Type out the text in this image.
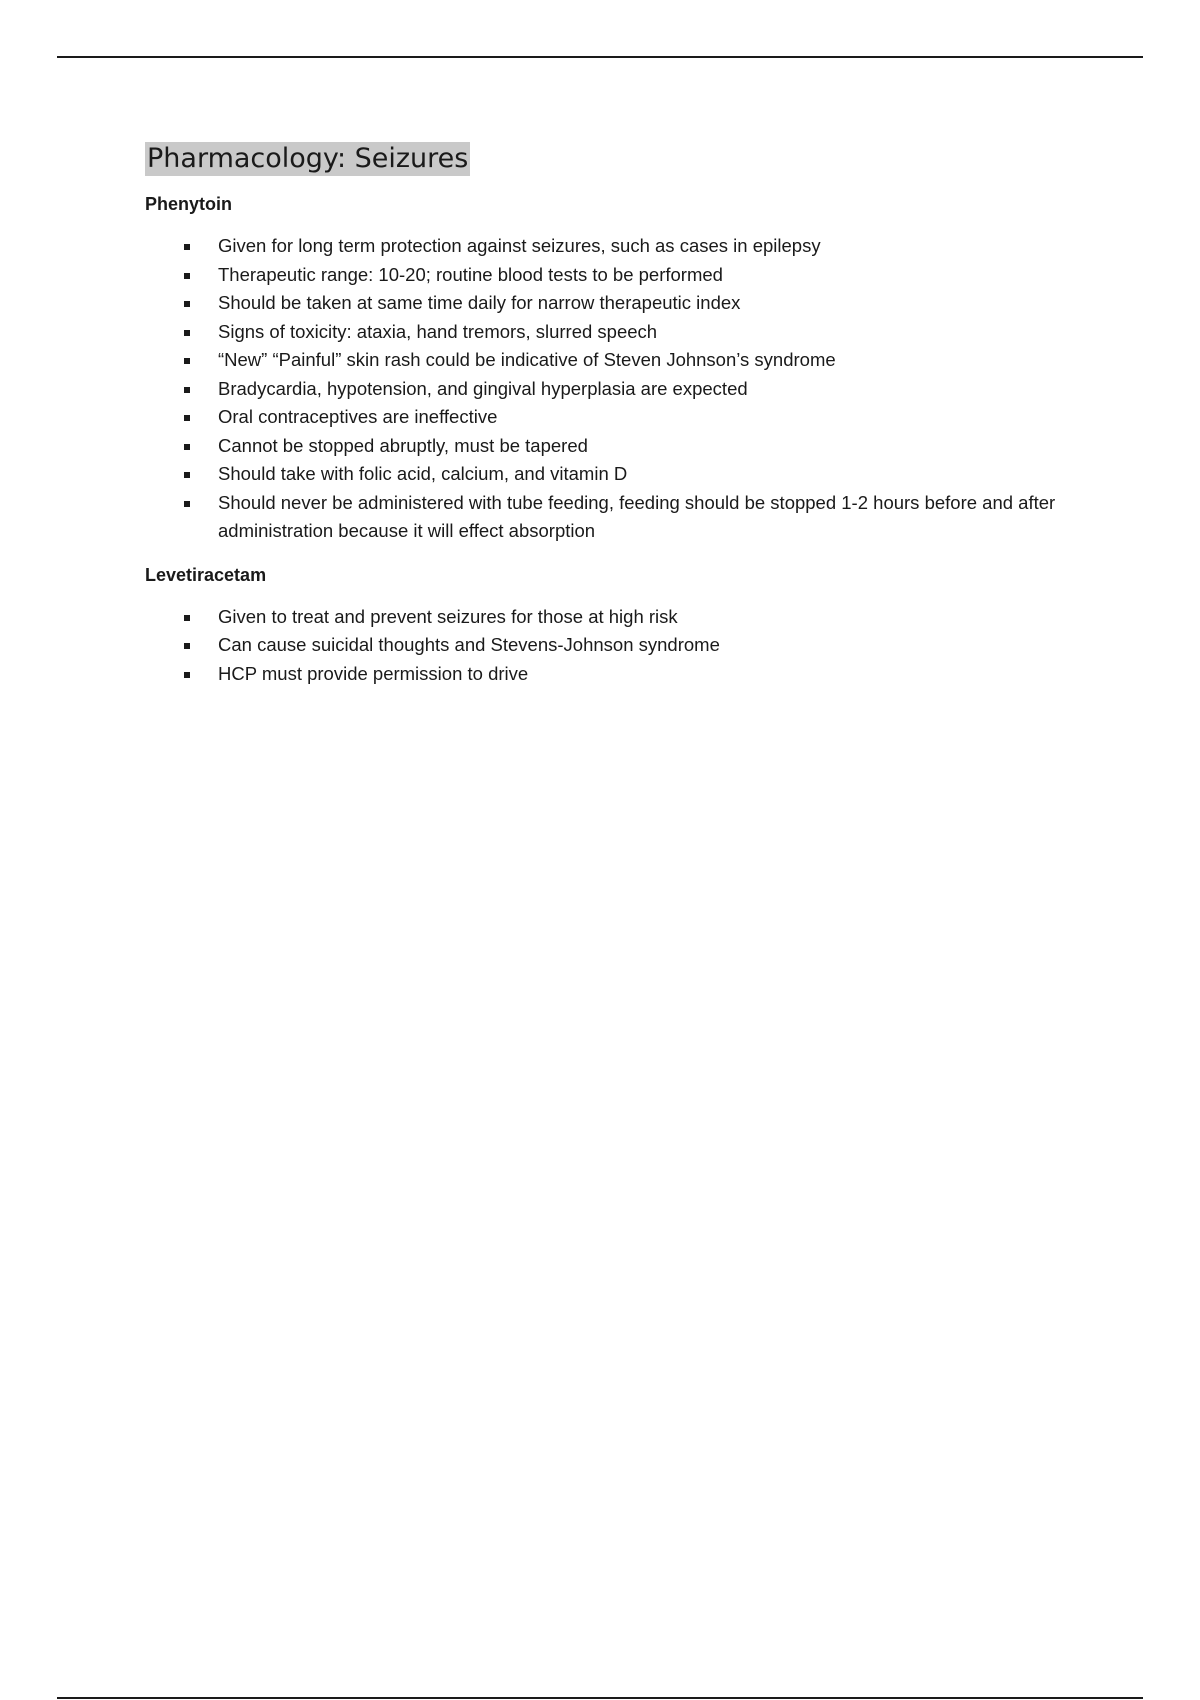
Pharmacology: Seizures
Phenytoin
Given for long term protection against seizures, such as cases in epilepsy
Therapeutic range: 10-20; routine blood tests to be performed
Should be taken at same time daily for narrow therapeutic index
Signs of toxicity: ataxia, hand tremors, slurred speech
“New” “Painful” skin rash could be indicative of Steven Johnson’s syndrome
Bradycardia, hypotension, and gingival hyperplasia are expected
Oral contraceptives are ineffective
Cannot be stopped abruptly, must be tapered
Should take with folic acid, calcium, and vitamin D
Should never be administered with tube feeding, feeding should be stopped 1-2 hours before and after administration because it will effect absorption
Levetiracetam
Given to treat and prevent seizures for those at high risk
Can cause suicidal thoughts and Stevens-Johnson syndrome
HCP must provide permission to drive
